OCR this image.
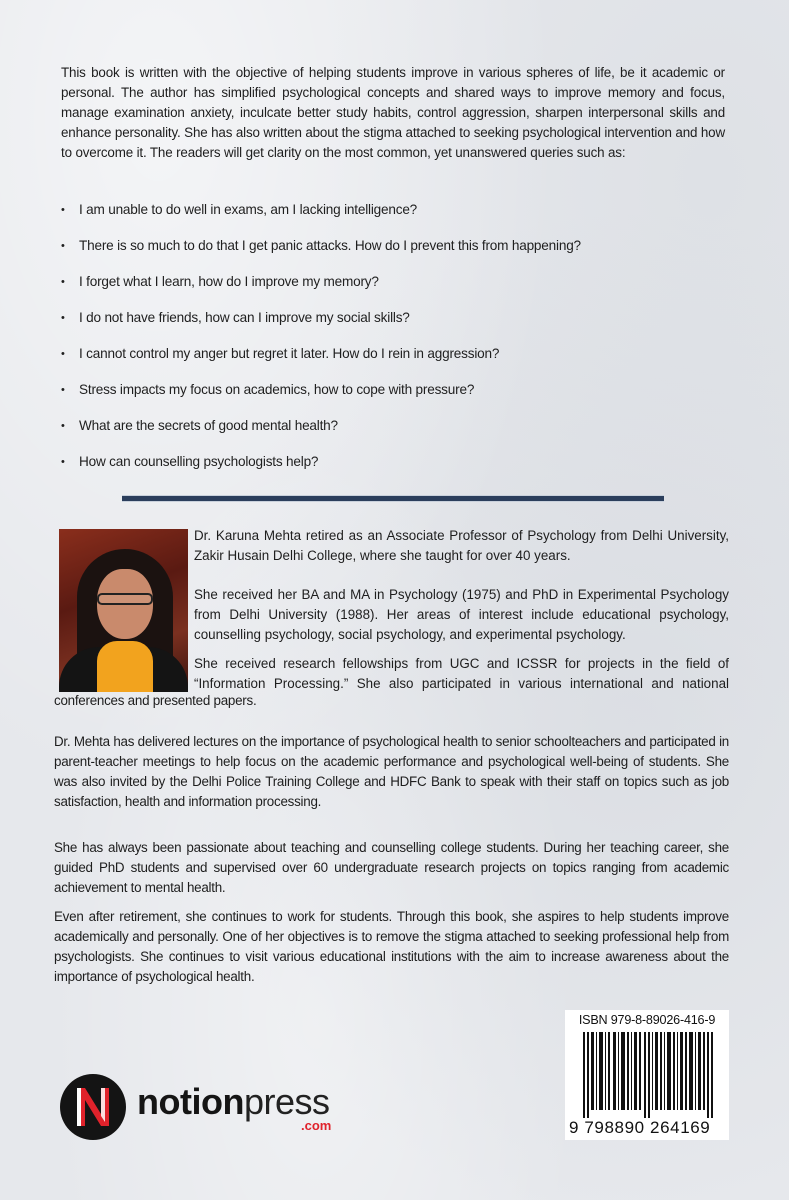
This book is written with the objective of helping students improve in various spheres of life, be it academic or personal. The author has simplified psychological concepts and shared ways to improve memory and focus, manage examination anxiety, inculcate better study habits, control aggression, sharpen interpersonal skills and enhance personality. She has also written about the stigma attached to seeking psychological intervention and how to overcome it. The readers will get clarity on the most common, yet unanswered queries such as:
• I am unable to do well in exams, am I lacking intelligence?
• There is so much to do that I get panic attacks. How do I prevent this from happening?
• I forget what I learn, how do I improve my memory?
• I do not have friends, how can I improve my social skills?
• I cannot control my anger but regret it later. How do I rein in aggression?
• Stress impacts my focus on academics, how to cope with pressure?
• What are the secrets of good mental health?
• How can counselling psychologists help?
Dr. Karuna Mehta retired as an Associate Professor of Psychology from Delhi University, Zakir Husain Delhi College, where she taught for over 40 years.
She received her BA and MA in Psychology (1975) and PhD in Experimental Psychology from Delhi University (1988). Her areas of interest include educational psychology, counselling psychology, social psychology, and experimental psychology.
She received research fellowships from UGC and ICSSR for projects in the field of “Information Processing.” She also participated in various international and national
conferences and presented papers.
Dr. Mehta has delivered lectures on the importance of psychological health to senior schoolteachers and participated in parent-teacher meetings to help focus on the academic performance and psychological well-being of students. She was also invited by the Delhi Police Training College and HDFC Bank to speak with their staff on topics such as job satisfaction, health and information processing.
She has always been passionate about teaching and counselling college students. During her teaching career, she guided PhD students and supervised over 60 undergraduate research projects on topics ranging from academic achievement to mental health.
Even after retirement, she continues to work for students. Through this book, she aspires to help students improve academically and personally. One of her objectives is to remove the stigma attached to seeking professional help from psychologists. She continues to visit various educational institutions with the aim to increase awareness about the importance of psychological health.
notionpress
.com
ISBN 979-8-89026-416-9
9 798890 264169
